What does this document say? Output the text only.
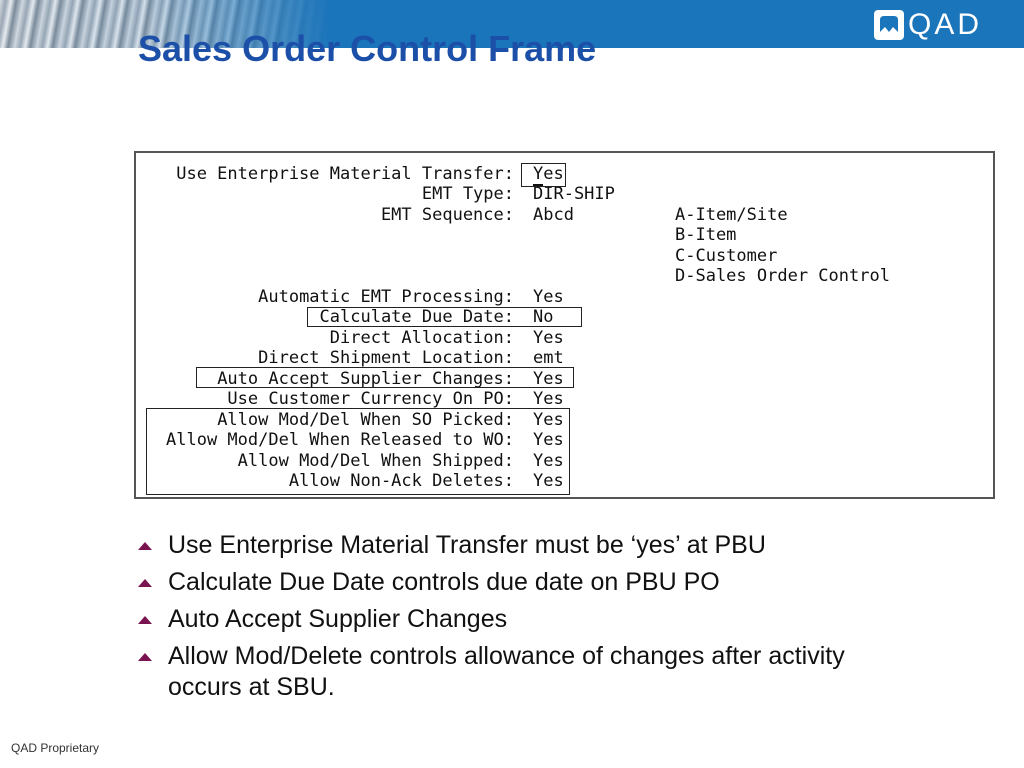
QAD
Sales Order Control Frame
Use Enterprise Material Transfer: Yes
EMT Type: DIR-SHIP
EMT Sequence: Abcd	A-Item/Site
B-Item
C-Customer
D-Sales Order Control
Automatic EMT Processing: Yes
Calculate Due Date: No
Direct Allocation: Yes
Direct Shipment Location: emt
Auto Accept Supplier Changes: Yes
Use Customer Currency On PO: Yes
Allow Mod/Del When SO Picked: Yes
Allow Mod/Del When Released to WO: Yes
Allow Mod/Del When Shipped: Yes
Allow Non-Ack Deletes: Yes
Use Enterprise Material Transfer must be ‘yes’ at PBU
Calculate Due Date controls due date on PBU PO
Auto Accept Supplier Changes
Allow Mod/Delete controls allowance of changes after activity occurs at SBU.
QAD Proprietary
